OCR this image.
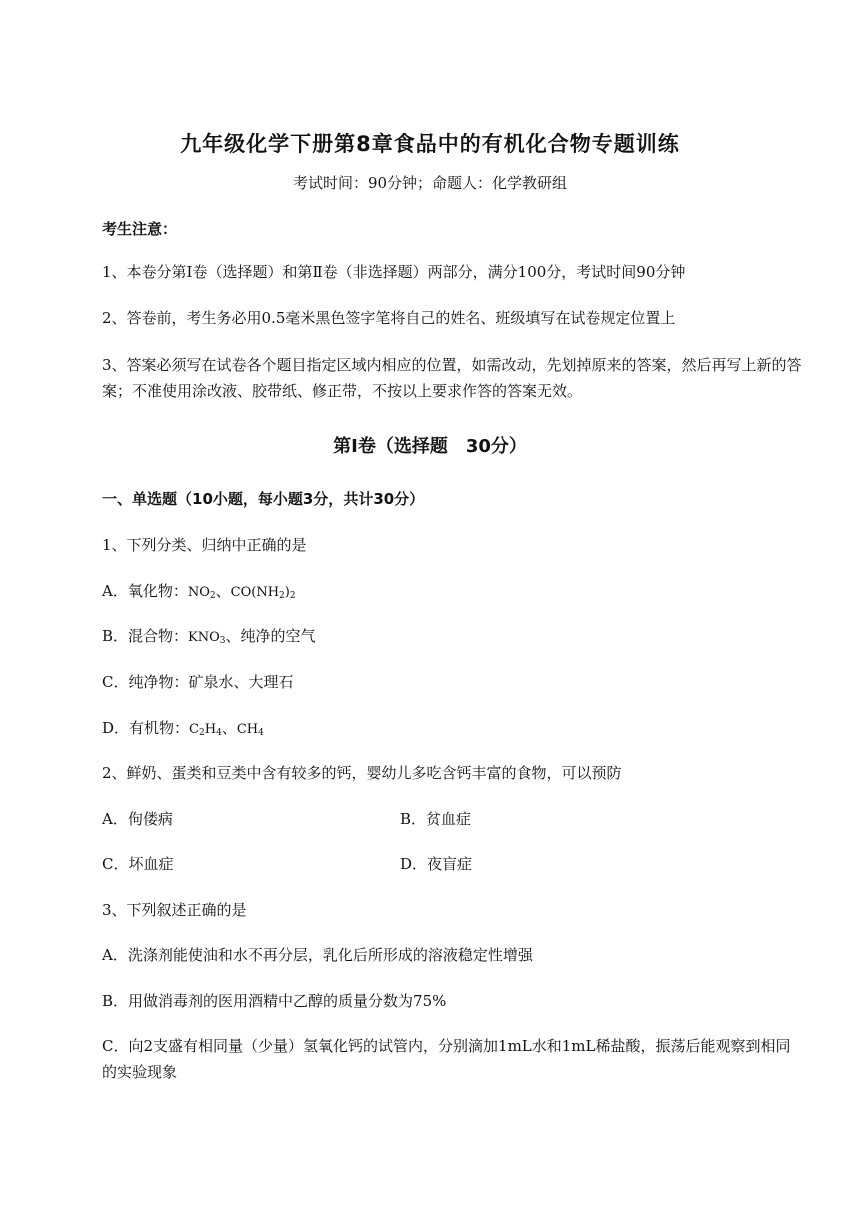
九年级化学下册第8章食品中的有机化合物专题训练
考试时间：90分钟；命题人：化学教研组
考生注意：
1、本卷分第Ⅰ卷（选择题）和第Ⅱ卷（非选择题）两部分，满分100分，考试时间90分钟
2、答卷前，考生务必用0.5毫米黑色签字笔将自己的姓名、班级填写在试卷规定位置上
3、答案必须写在试卷各个题目指定区域内相应的位置，如需改动，先划掉原来的答案，然后再写上新的答案；不准使用涂改液、胶带纸、修正带，不按以上要求作答的答案无效。
第Ⅰ卷（选择题　30分）
一、单选题（10小题，每小题3分，共计30分）
1、下列分类、归纳中正确的是
A．氧化物：$NO_2$、$CO(NH_2)_2$
B．混合物：$KNO_3$、纯净的空气
C．纯净物：矿泉水、大理石
D．有机物：$C_2H_4$、$CH_4$
2、鲜奶、蛋类和豆类中含有较多的钙，婴幼儿多吃含钙丰富的食物，可以预防
A．佝偻病	B．贫血症
C．坏血症	D．夜盲症
3、下列叙述正确的是
A．洗涤剂能使油和水不再分层，乳化后所形成的溶液稳定性增强
B．用做消毒剂的医用酒精中乙醇的质量分数为75%
C．向2支盛有相同量（少量）氢氧化钙的试管内，分别滴加1mL水和1mL稀盐酸，振荡后能观察到相同的实验现象
